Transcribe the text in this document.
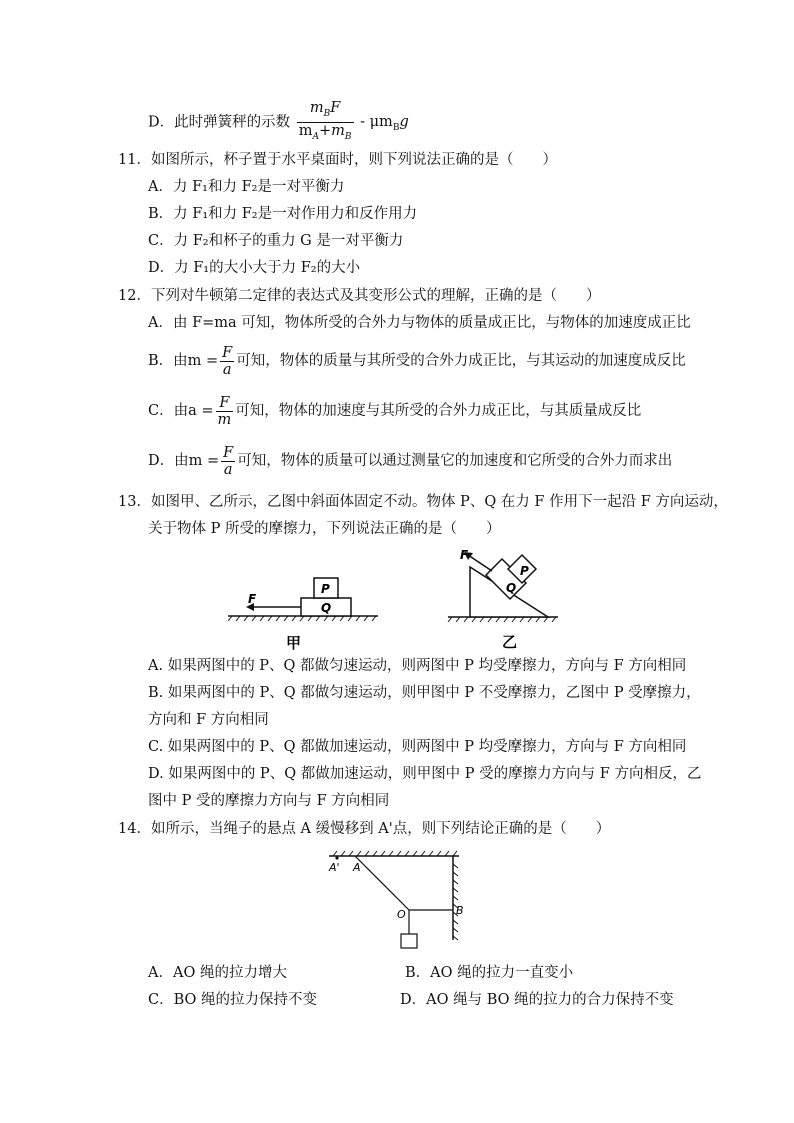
D．此时弹簧秤的示数 $\frac{m_BF}{m_A+m_B} - \mu m_Bg$
11．如图所示，杯子置于水平桌面时，则下列说法正确的是（　　）
A．力 F₁和力 F₂是一对平衡力
B．力 F₁和力 F₂是一对作用力和反作用力
C．力 F₂和杯子的重力 G 是一对平衡力
D．力 F₁的大小大于力 F₂的大小
12．下列对牛顿第二定律的表达式及其变形公式的理解，正确的是（　　）
A．由 F=ma 可知，物体所受的合外力与物体的质量成正比，与物体的加速度成正比
B．由$m = \frac{F}{a}$ 可知，物体的质量与其所受的合外力成正比，与其运动的加速度成反比
C．由$a = \frac{F}{m}$ 可知，物体的加速度与其所受的合外力成正比，与其质量成反比
D．由$m = \frac{F}{a}$ 可知，物体的质量可以通过测量它的加速度和它所受的合外力而求出
13．如图甲、乙所示，乙图中斜面体固定不动。物体 P、Q 在力 F 作用下一起沿 F 方向运动，
关于物体 P 所受的摩擦力，下列说法正确的是（　　）
P
Q
F
甲
P
Q
F
乙
A. 如果两图中的 P、Q 都做匀速运动，则两图中 P 均受摩擦力，方向与 F 方向相同
B. 如果两图中的 P、Q 都做匀速运动，则甲图中 P 不受摩擦力，乙图中 P 受摩擦力，
方向和 F 方向相同
C. 如果两图中的 P、Q 都做加速运动，则两图中 P 均受摩擦力，方向与 F 方向相同
D. 如果两图中的 P、Q 都做加速运动，则甲图中 P 受的摩擦力方向与 F 方向相反，乙
图中 P 受的摩擦力方向与 F 方向相同
14．如所示，当绳子的悬点 A 缓慢移到 A'点，则下列结论正确的是（　　）
A' A
O	B
A．AO 绳的拉力增大	B．AO 绳的拉力一直变小
C．BO 绳的拉力保持不变	D．AO 绳与 BO 绳的拉力的合力保持不变
